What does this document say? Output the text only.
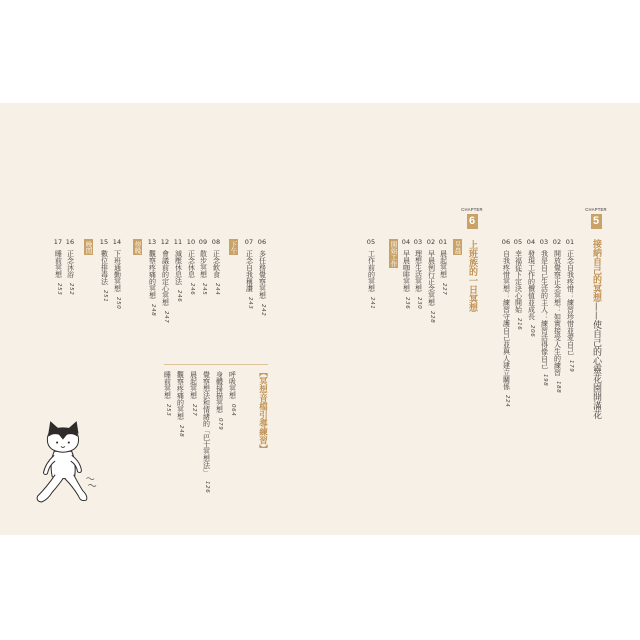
CHAPTER
5
接納自己的冥想——使自己的心靈花園開滿花
CHAPTER
6
上班族的一日冥想
【冥想音檔引導練習】
01
正念自我疼惜：練習珍惜並愛自己
179
02
開放覺察正念冥想：如實接受人生的練習
188
03
我是自己生活的主人：練習活得像自己
198
04
發現工作的價值並成長
206
05
幸福從下定決心開始
216
06
自我疼惜冥想：練習守護自己並與人建立關係
224
早晨
01
晨起冥想
227
02
早晨例行正念冥想
228
03
理想生活冥想
230
04
早晨咖啡冥想
236
開始工作
05
工作前的冥想
241
06
多任務覺察冥想
242
07
正念自我稱讚
243
下午
08
正念飲食
244
09
散步冥想
245
10
正念休息
246
11
減壓休息法
246
12
會議前的定心冥想
247
13
觀察疼痛的冥想
248
傍晚
14
下班通勤冥想
250
15
數位排毒法
251
晚間
16
正念沐浴
252
17
睡前冥想
253
呼吸冥想
064
身體掃描冥想
079
覺察想法和情緒的「巴士冥想法」
126
晨起冥想
227
觀察疼痛的冥想
248
睡前冥想
253
